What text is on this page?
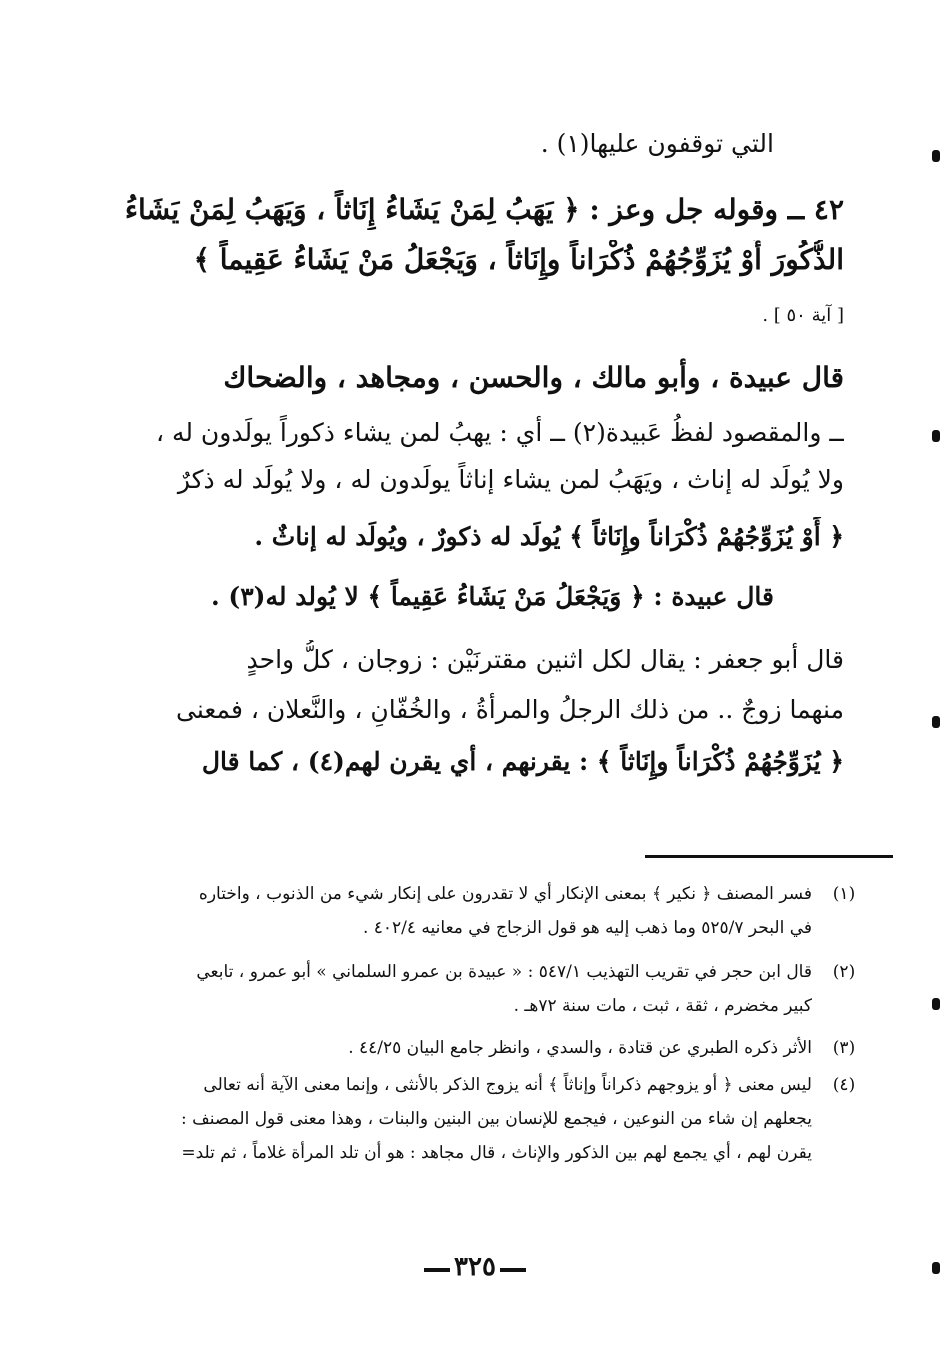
التي توقفون عليها(١) .
٤٢ ــ وقوله جل وعز : ﴿ يَهَبُ لِمَنْ يَشَاءُ إِنَاثاً ، وَيَهَبُ لِمَنْ يَشَاءُ
الذُّكُورَ أَوْ يُزَوِّجُهُمْ ذُكْرَاناً وإِنَاثاً ، وَيَجْعَلُ مَنْ يَشَاءُ عَقِيماً ﴾
[ آية ٥٠ ] .
قال عبيدة ، وأبو مالك ، والحسن ، ومجاهد ، والضحاك
ــ والمقصود لفظُ عَبيدة(٢) ــ أي : يهبُ لمن يشاء ذكوراً يولَدون له ،
ولا يُولَد له إناث ، ويَهَبُ لمن يشاء إناثاً يولَدون له ، ولا يُولَد له ذكرٌ
﴿ أَوْ يُزَوِّجُهُمْ ذُكْرَاناً وإِنَاثاً ﴾ يُولَد له ذكورٌ ، ويُولَد له إناثٌ .
قال عبيدة : ﴿ وَيَجْعَلُ مَنْ يَشَاءُ عَقِيماً ﴾ لا يُولد له(٣) .
قال أبو جعفر : يقال لكل اثنين مقترنَيْن : زوجان ، كلُّ واحدٍ
منهما زوجٌ .. من ذلك الرجلُ والمرأةُ ، والخُفّانِ ، والنَّعلان ، فمعنى
﴿ يُزَوِّجُهُمْ ذُكْرَاناً وإِنَاثاً ﴾ : يقرنهم ، أي يقرن لهم(٤) ، كما قال
(١)
فسر المصنف ﴿ نكير ﴾ بمعنى الإنكار أي لا تقدرون على إنكار شيء من الذنوب ، واختاره
في البحر ٥٢٥/٧ وما ذهب إليه هو قول الزجاج في معانيه ٤٠٢/٤ .
(٢)
قال ابن حجر في تقريب التهذيب ٥٤٧/١ : « عبيدة بن عمرو السلماني » أبو عمرو ، تابعي
كبير مخضرم ، ثقة ، ثبت ، مات سنة ٧٢هـ .
(٣)
الأثر ذكره الطبري عن قتادة ، والسدي ، وانظر جامع البيان ٤٤/٢٥ .
(٤)
ليس معنى ﴿ أو يزوجهم ذكراناً وإناثاً ﴾ أنه يزوج الذكر بالأنثى ، وإنما معنى الآية أنه تعالى
يجعلهم إن شاء من النوعين ، فيجمع للإنسان بين البنين والبنات ، وهذا معنى قول المصنف :
يقرن لهم ، أي يجمع لهم بين الذكور والإناث ، قال مجاهد : هو أن تلد المرأة غلاماً ، ثم تلد=
٣٢٥
